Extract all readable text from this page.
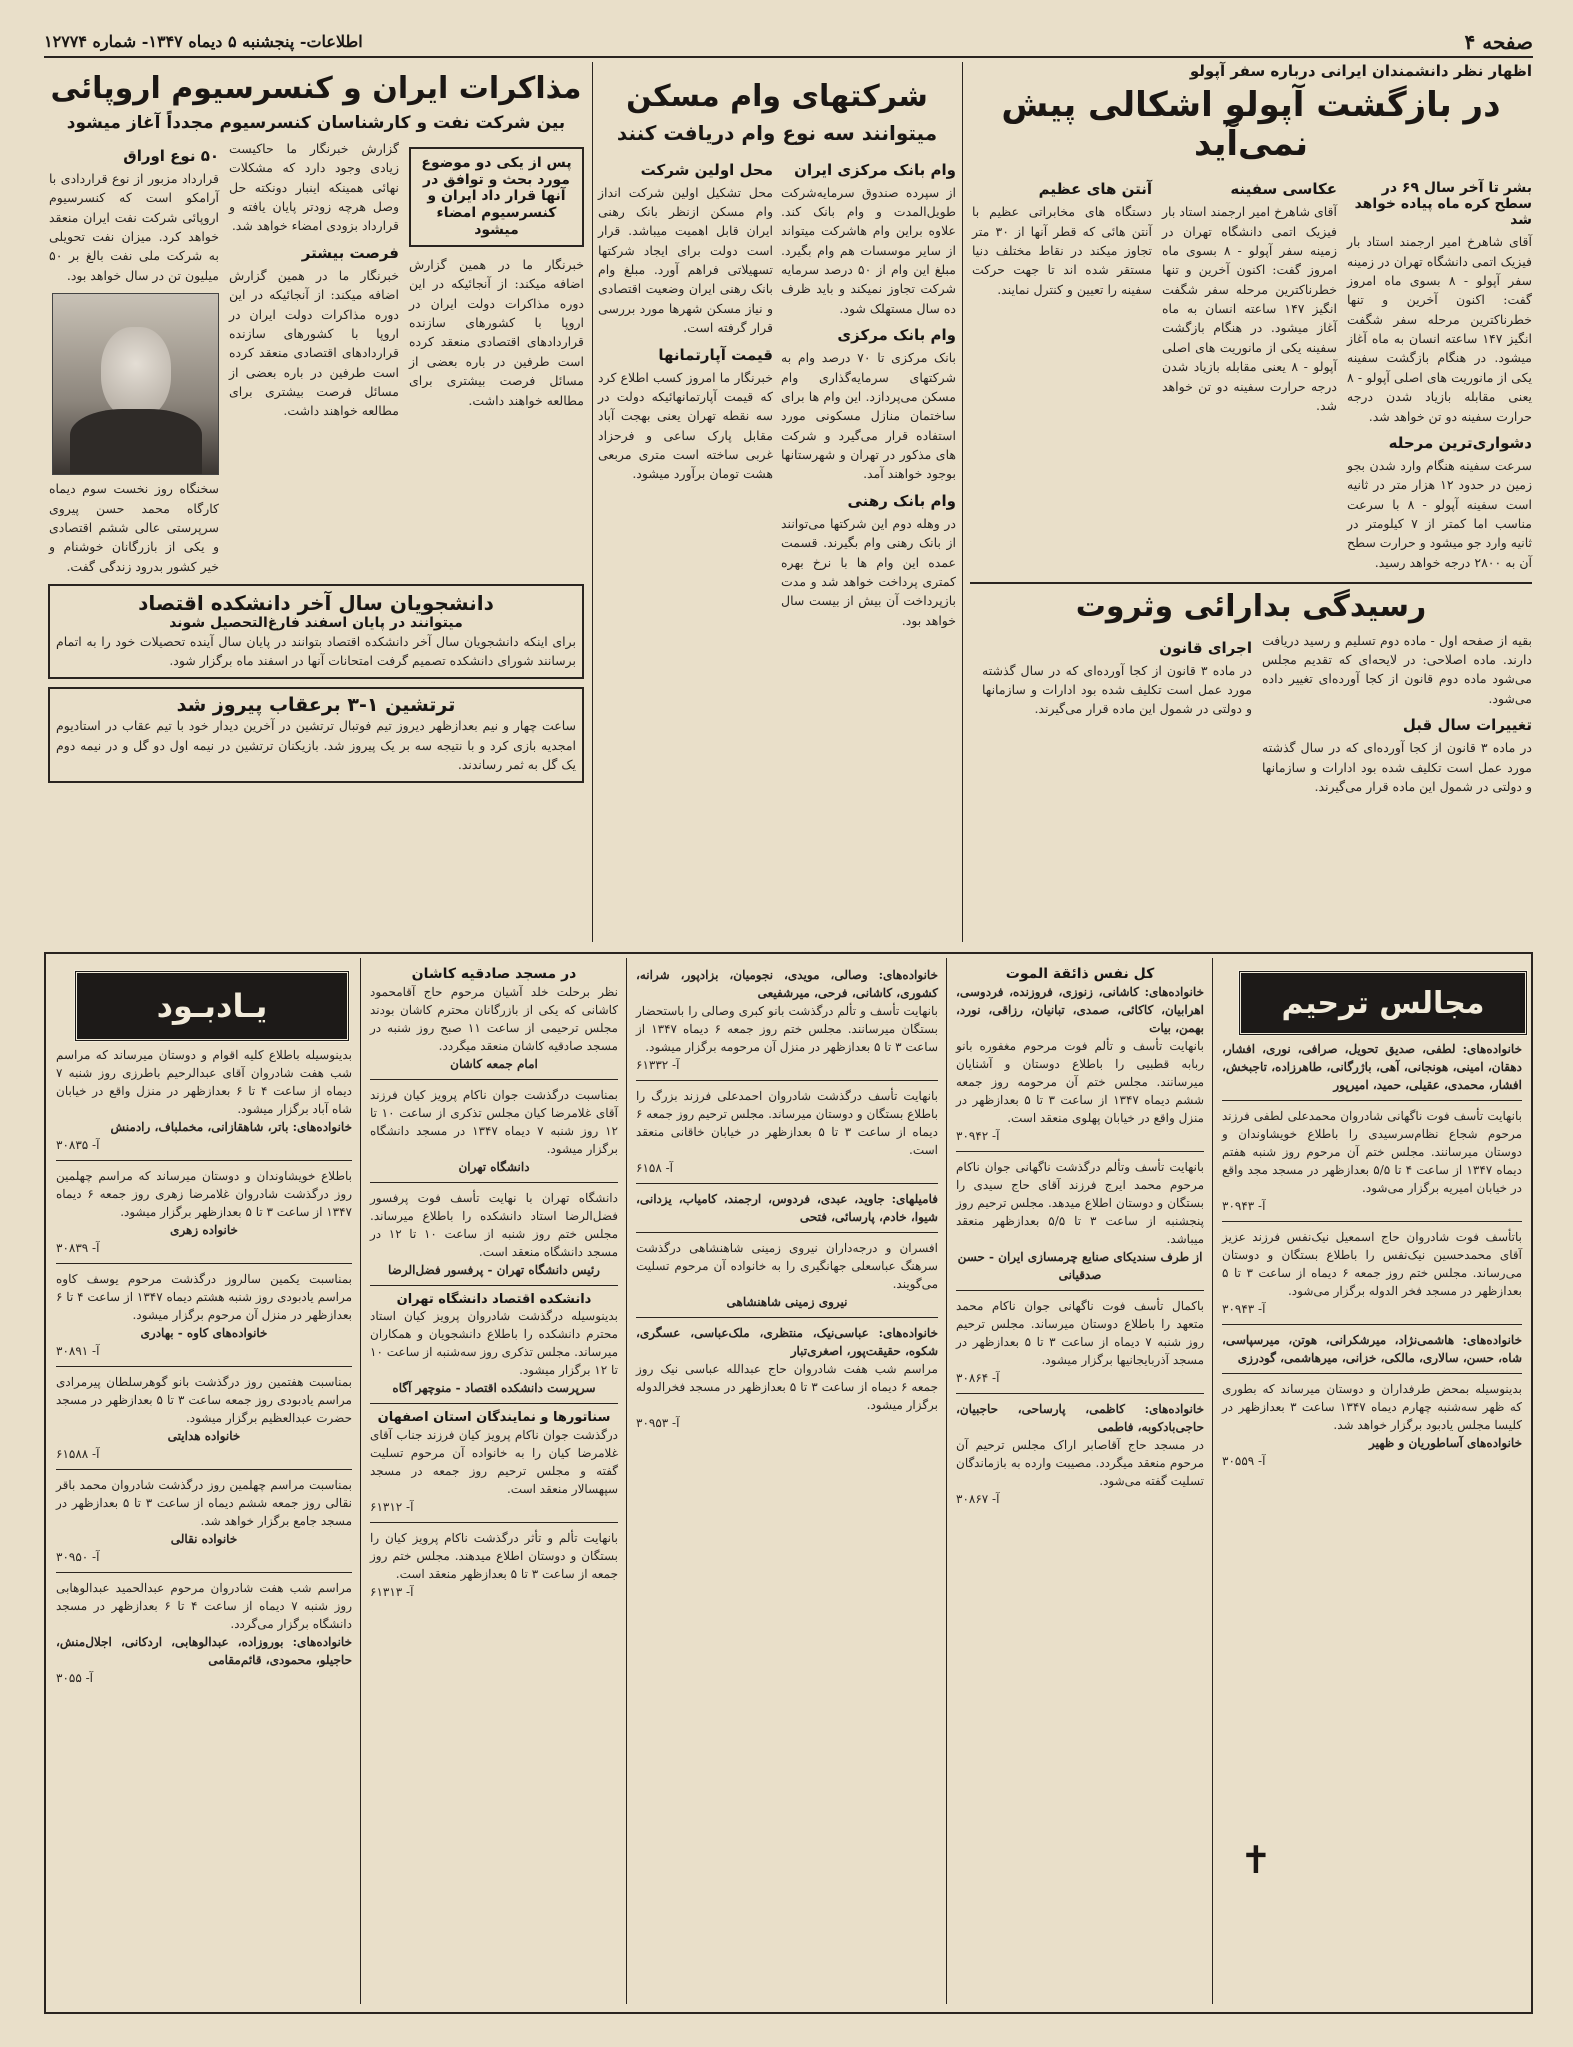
صفحه ۴
اطلاعات- پنجشنبه ۵ دیماه ۱۳۴۷- شماره ۱۲۷۷۴
اظهار نظر دانشمندان ایرانی درباره سفر آپولو
در بازگشت آپولو اشکالی پیش نمی‌آید
بشر تا آخر سال ۶۹ در سطح کره ماه پیاده خواهد شد
آقای شاهرخ امیر ارجمند استاد بار فیزیک اتمی دانشگاه تهران در زمینه سفر آپولو - ۸ بسوی ماه امروز گفت: اکنون آخرین و تنها خطرناکترین مرحله سفر شگفت انگیز ۱۴۷ ساعته انسان به ماه آغاز میشود. در هنگام بازگشت سفینه یکی از مانوریت های اصلی آپولو - ۸ یعنی مقابله بازیاد شدن درجه حرارت سفینه دو تن خواهد شد.
دشواری‌ترین مرحله
سرعت سفینه هنگام وارد شدن بجو زمین در حدود ۱۲ هزار متر در ثانیه است سفینه آپولو - ۸ با سرعت مناسب اما کمتر از ۷ کیلومتر در ثانیه وارد جو میشود و حرارت سطح آن به ۲۸۰۰ درجه خواهد رسید.
عکاسی سفینه
آقای شاهرخ امیر ارجمند استاد بار فیزیک اتمی دانشگاه تهران در زمینه سفر آپولو - ۸ بسوی ماه امروز گفت: اکنون آخرین و تنها خطرناکترین مرحله سفر شگفت انگیز ۱۴۷ ساعته انسان به ماه آغاز میشود. در هنگام بازگشت سفینه یکی از مانوریت های اصلی آپولو - ۸ یعنی مقابله بازیاد شدن درجه حرارت سفینه دو تن خواهد شد.
آنتن های عظیم
دستگاه های مخابراتی عظیم با آنتن هائی که قطر آنها از ۳۰ متر تجاوز میکند در نقاط مختلف دنیا مستقر شده اند تا جهت حرکت سفینه را تعیین و کنترل نمایند.
رسیدگی بدارائی وثروت
بقیه از صفحه اول - ماده دوم تسلیم و رسید دریافت دارند. ماده اصلاحی: در لایحه‌ای که تقدیم مجلس می‌شود ماده دوم قانون از کجا آورده‌ای تغییر داده می‌شود.
تغییرات سال قبل
در ماده ۳ قانون از کجا آورده‌ای که در سال گذشته مورد عمل است تکلیف شده بود ادارات و سازمانها و دولتی در شمول این ماده قرار می‌گیرند.
اجرای قانون
در ماده ۳ قانون از کجا آورده‌ای که در سال گذشته مورد عمل است تکلیف شده بود ادارات و سازمانها و دولتی در شمول این ماده قرار می‌گیرند.
شرکتهای وام مسکن
میتوانند سه نوع وام دریافت کنند
وام بانک مرکزی ایران
از سپرده صندوق سرمایه‌شرکت طویل‌المدت و وام بانک کند. علاوه براین وام هاشرکت میتواند از سایر موسسات هم وام بگیرد. مبلغ این وام از ۵۰ درصد سرمایه شرکت تجاوز نمیکند و باید ظرف ده سال مستهلک شود.
وام بانک مرکزی
بانک مرکزی تا ۷۰ درصد وام به شرکتهای سرمایه‌گذاری وام مسکن می‌پردازد. این وام ها برای ساختمان منازل مسکونی مورد استفاده قرار می‌گیرد و شرکت های مذکور در تهران و شهرستانها بوجود خواهند آمد.
وام بانک رهنی
در وهله دوم این شرکتها می‌توانند از بانک رهنی وام بگیرند. قسمت عمده این وام ها با نرخ بهره کمتری پرداخت خواهد شد و مدت بازپرداخت آن بیش از بیست سال خواهد بود.
محل اولین شرکت
محل تشکیل اولین شرکت انداز وام مسکن ازنظر بانک رهنی ایران قابل اهمیت میباشد. قرار است دولت برای ایجاد شرکتها تسهیلاتی فراهم آورد. مبلغ وام بانک رهنی ایران وضعیت اقتصادی و نیاز مسکن شهرها مورد بررسی قرار گرفته است.
قیمت آپارتمانها
خبرنگار ما امروز کسب اطلاع کرد که قیمت آپارتمانهائیکه دولت در سه نقطه تهران یعنی بهجت آباد مقابل پارک ساعی و فرحزاد غربی ساخته است متری مربعی هشت تومان برآورد میشود.
مذاکرات ایران و کنسرسیوم اروپائی
بین شرکت نفت و کارشناسان کنسرسیوم مجدداً آغاز میشود
پس از یکی دو موضوع مورد بحث و توافق در آنها قرار داد ایران و کنسرسیوم امضاء میشود
خبرنگار ما در همین گزارش اضافه میکند: از آنجائیکه در این دوره مذاکرات دولت ایران در اروپا با کشورهای سازنده قراردادهای اقتصادی منعقد کرده است طرفین در باره بعضی از مسائل فرصت بیشتری برای مطالعه خواهند داشت.
گزارش خبرنگار ما حاکیست زیادی وجود دارد که مشکلات نهائی همینکه اینبار دونکته حل وصل هرچه زودتر پایان یافته و قرارداد بزودی امضاء خواهد شد.
فرصت بیشتر
خبرنگار ما در همین گزارش اضافه میکند: از آنجائیکه در این دوره مذاکرات دولت ایران در اروپا با کشورهای سازنده قراردادهای اقتصادی منعقد کرده است طرفین در باره بعضی از مسائل فرصت بیشتری برای مطالعه خواهند داشت.
۵۰ نوع اوراق
قرارداد مزبور از نوع قراردادی با آرامکو است که کنسرسیوم اروپائی شرکت نفت ایران منعقد خواهد کرد. میزان نفت تحویلی به شرکت ملی نفت بالغ بر ۵۰ میلیون تن در سال خواهد بود.
سخنگاه روز نخست سوم دیماه کارگاه محمد حسن پیروی سرپرستی عالی ششم اقتصادی و یکی از بازرگانان خوشنام و خیر کشور بدرود زندگی گفت.
دانشجویان سال آخر دانشکده اقتصاد
میتوانند در پایان اسفند فارغ‌التحصیل شوند
برای اینکه دانشجویان سال آخر دانشکده اقتصاد بتوانند در پایان سال آینده تحصیلات خود را به اتمام برسانند شورای دانشکده تصمیم گرفت امتحانات آنها در اسفند ماه برگزار شود.
ترتشین ۱-۳ برعقاب پیروز شد
ساعت چهار و نیم بعدازظهر دیروز تیم فوتبال ترتشین در آخرین دیدار خود با تیم عقاب در استادیوم امجدیه بازی کرد و با نتیجه سه بر یک پیروز شد. بازیکنان ترتشین در نیمه اول دو گل و در نیمه دوم یک گل به ثمر رساندند.
مجالس ترحیم
یـادبـود
خانواده‌های: لطفی، صدیق تحویل، صرافی، نوری، افشار، دهقان، امینی، هونجانی، آهی، باژرگانی، طاهرزاده، تاجبخش، افشار، محمدی، عقیلی، حمید، امیرپور
بانهایت تأسف فوت ناگهانی شادروان محمدعلی لطفی فرزند مرحوم شجاع نظام‌سرسیدی را باطلاع خویشاوندان و دوستان میرسانند. مجلس ختم آن مرحوم روز شنبه هفتم دیماه ۱۳۴۷ از ساعت ۴ تا ۵/۵ بعدازظهر در مسجد مجد واقع در خیابان امیریه برگزار می‌شود.
آ- ۳۰۹۴۳
باتأسف فوت شادروان حاج اسمعیل نیک‌نفس فرزند عزیز آقای محمدحسین نیک‌نفس را باطلاع بستگان و دوستان می‌رساند. مجلس ختم روز جمعه ۶ دیماه از ساعت ۳ تا ۵ بعدازظهر در مسجد فخر الدوله برگزار می‌شود.
آ- ۳۰۹۴۳
خانواده‌های: هاشمی‌نژاد، میرشکرانی، هوتن، میرسپاسی، شاه، حسن، سالاری، مالکی، خزانی، میرهاشمی، گودرزی
بدینوسیله بمحض طرفداران و دوستان میرساند که بطوری که ظهر سه‌شنبه چهارم دیماه ۱۳۴۷ ساعت ۳ بعدازظهر در کلیسا مجلس یادبود برگزار خواهد شد.
خانواده‌های آساطوریان و ظهیر
آ- ۳۰۵۵۹
✝
کل نفس ذائقة الموت
خانواده‌های: کاشانی، زنوزی، فروزنده، فردوسی، اهرابیان، کاکائی، صمدی، تبانیان، رزاقی، نورد، بهمن، بیات
بانهایت تأسف و تألم فوت مرحوم مغفوره بانو ربابه قطبیی را باطلاع دوستان و آشنایان میرسانند. مجلس ختم آن مرحومه روز جمعه ششم دیماه ۱۳۴۷ از ساعت ۳ تا ۵ بعدازظهر در منزل واقع در خیابان پهلوی منعقد است.
آ- ۳۰۹۴۲
بانهایت تأسف وتألم درگذشت ناگهانی جوان ناکام مرحوم محمد ایرج فرزند آقای حاج سیدی را بستگان و دوستان اطلاع میدهد. مجلس ترحیم روز پنجشنبه از ساعت ۳ تا ۵/۵ بعدازظهر منعقد میباشد.
از طرف سندیکای صنایع چرمسازی ایران - حسن صدقیانی
باکمال تأسف فوت ناگهانی جوان ناکام محمد متعهد را باطلاع دوستان میرساند. مجلس ترحیم روز شنبه ۷ دیماه از ساعت ۳ تا ۵ بعدازظهر در مسجد آذربایجانیها برگزار میشود.
آ- ۳۰۸۶۴
خانواده‌های: کاظمی، پارساحی، حاجبیان، حاجی‌بادکوبه، فاطمی
در مسجد حاج آقاصابر اراک مجلس ترحیم آن مرحوم منعقد میگردد. مصیبت وارده به بازماندگان تسلیت گفته می‌شود.
آ- ۳۰۸۶۷
خانواده‌های: وصالی، مویدی، نجومیان، بزادپور، شرانه، کشوری، کاشانی، فرحی، میرشفیعی
بانهایت تأسف و تألم درگذشت بانو کبری وصالی را باستحضار بستگان میرسانند. مجلس ختم روز جمعه ۶ دیماه ۱۳۴۷ از ساعت ۳ تا ۵ بعدازظهر در منزل آن مرحومه برگزار میشود.
آ- ۶۱۳۳۲
بانهایت تأسف درگذشت شادروان احمدعلی فرزند بزرگ را باطلاع بستگان و دوستان میرساند. مجلس ترحیم روز جمعه ۶ دیماه از ساعت ۳ تا ۵ بعدازظهر در خیابان خاقانی منعقد است.
آ- ۶۱۵۸
فامیلهای: جاوید، عبدی، فردوس، ارجمند، کامیاب، یزدانی، شیوا، خادم، پارسائی، فتحی
افسران و درجه‌داران نیروی زمینی شاهنشاهی درگذشت سرهنگ عباسعلی جهانگیری را به خانواده آن مرحوم تسلیت می‌گویند.
نیروی زمینی شاهنشاهی
خانواده‌های: عباسی‌نیک، منتظری، ملک‌عباسی، عسگری، شکوه، حقیقت‌پور، اصغری‌تبار
مراسم شب هفت شادروان حاج عبدالله عباسی نیک روز جمعه ۶ دیماه از ساعت ۳ تا ۵ بعدازظهر در مسجد فخرالدوله برگزار میشود.
آ- ۳۰۹۵۳
در مسجد صادقیه کاشان
نظر برحلت خلد آشیان مرحوم حاج آقامحمود کاشانی که یکی از بازرگانان محترم کاشان بودند مجلس ترحیمی از ساعت ۱۱ صبح روز شنبه در مسجد صادقیه کاشان منعقد میگردد.
امام جمعه کاشان
بمناسبت درگذشت جوان ناکام پرویز کیان فرزند آقای غلامرضا کیان مجلس تذکری از ساعت ۱۰ تا ۱۲ روز شنبه ۷ دیماه ۱۳۴۷ در مسجد دانشگاه برگزار میشود.
دانشگاه تهران
دانشگاه تهران با نهایت تأسف فوت پرفسور فضل‌الرضا استاد دانشکده را باطلاع میرساند. مجلس ختم روز شنبه از ساعت ۱۰ تا ۱۲ در مسجد دانشگاه منعقد است.
رئیس دانشگاه تهران - پرفسور فضل‌الرضا
دانشکده اقتصاد دانشگاه تهران
بدینوسیله درگذشت شادروان پرویز کیان استاد محترم دانشکده را باطلاع دانشجویان و همکاران میرساند. مجلس تذکری روز سه‌شنبه از ساعت ۱۰ تا ۱۲ برگزار میشود.
سرپرست دانشکده اقتصاد - منوچهر آگاه
سناتورها و نمایندگان استان اصفهان
درگذشت جوان ناکام پرویز کیان فرزند جناب آقای غلامرضا کیان را به خانواده آن مرحوم تسلیت گفته و مجلس ترحیم روز جمعه در مسجد سپهسالار منعقد است.
آ- ۶۱۳۱۲
بانهایت تألم و تأثر درگذشت ناکام پرویز کیان را بستگان و دوستان اطلاع میدهند. مجلس ختم روز جمعه از ساعت ۳ تا ۵ بعدازظهر منعقد است.
آ- ۶۱۳۱۳
بدینوسیله باطلاع کلیه اقوام و دوستان میرساند که مراسم شب هفت شادروان آقای عبدالرحیم باطرزی روز شنبه ۷ دیماه از ساعت ۴ تا ۶ بعدازظهر در منزل واقع در خیابان شاه آباد برگزار میشود.
خانواده‌های: باتر، شاهقازانی، مخملباف، رادمنش
آ- ۳۰۸۳۵
باطلاع خویشاوندان و دوستان میرساند که مراسم چهلمین روز درگذشت شادروان غلامرضا زهری روز جمعه ۶ دیماه ۱۳۴۷ از ساعت ۳ تا ۵ بعدازظهر برگزار میشود.
خانواده زهری
آ- ۳۰۸۳۹
بمناسبت یکمین سالروز درگذشت مرحوم یوسف کاوه مراسم یادبودی روز شنبه هشتم دیماه ۱۳۴۷ از ساعت ۴ تا ۶ بعدازظهر در منزل آن مرحوم برگزار میشود.
خانواده‌های کاوه - بهادری
آ- ۳۰۸۹۱
بمناسبت هفتمین روز درگذشت بانو گوهرسلطان پیرمرادی مراسم یادبودی روز جمعه ساعت ۳ تا ۵ بعدازظهر در مسجد حضرت عبدالعظیم برگزار میشود.
خانواده هدایتی
آ- ۶۱۵۸۸
بمناسبت مراسم چهلمین روز درگذشت شادروان محمد باقر نقالی روز جمعه ششم دیماه از ساعت ۳ تا ۵ بعدازظهر در مسجد جامع برگزار خواهد شد.
خانواده نقالی
آ- ۳۰۹۵۰
مراسم شب هفت شادروان مرحوم عبدالحمید عبدالوهابی روز شنبه ۷ دیماه از ساعت ۴ تا ۶ بعدازظهر در مسجد دانشگاه برگزار می‌گردد.
خانواده‌های: بوروزاده، عبدالوهابی، اردکانی، اجلال‌منش، حاجیلو، محمودی، قائم‌مقامی
آ- ۳۰۵۵
